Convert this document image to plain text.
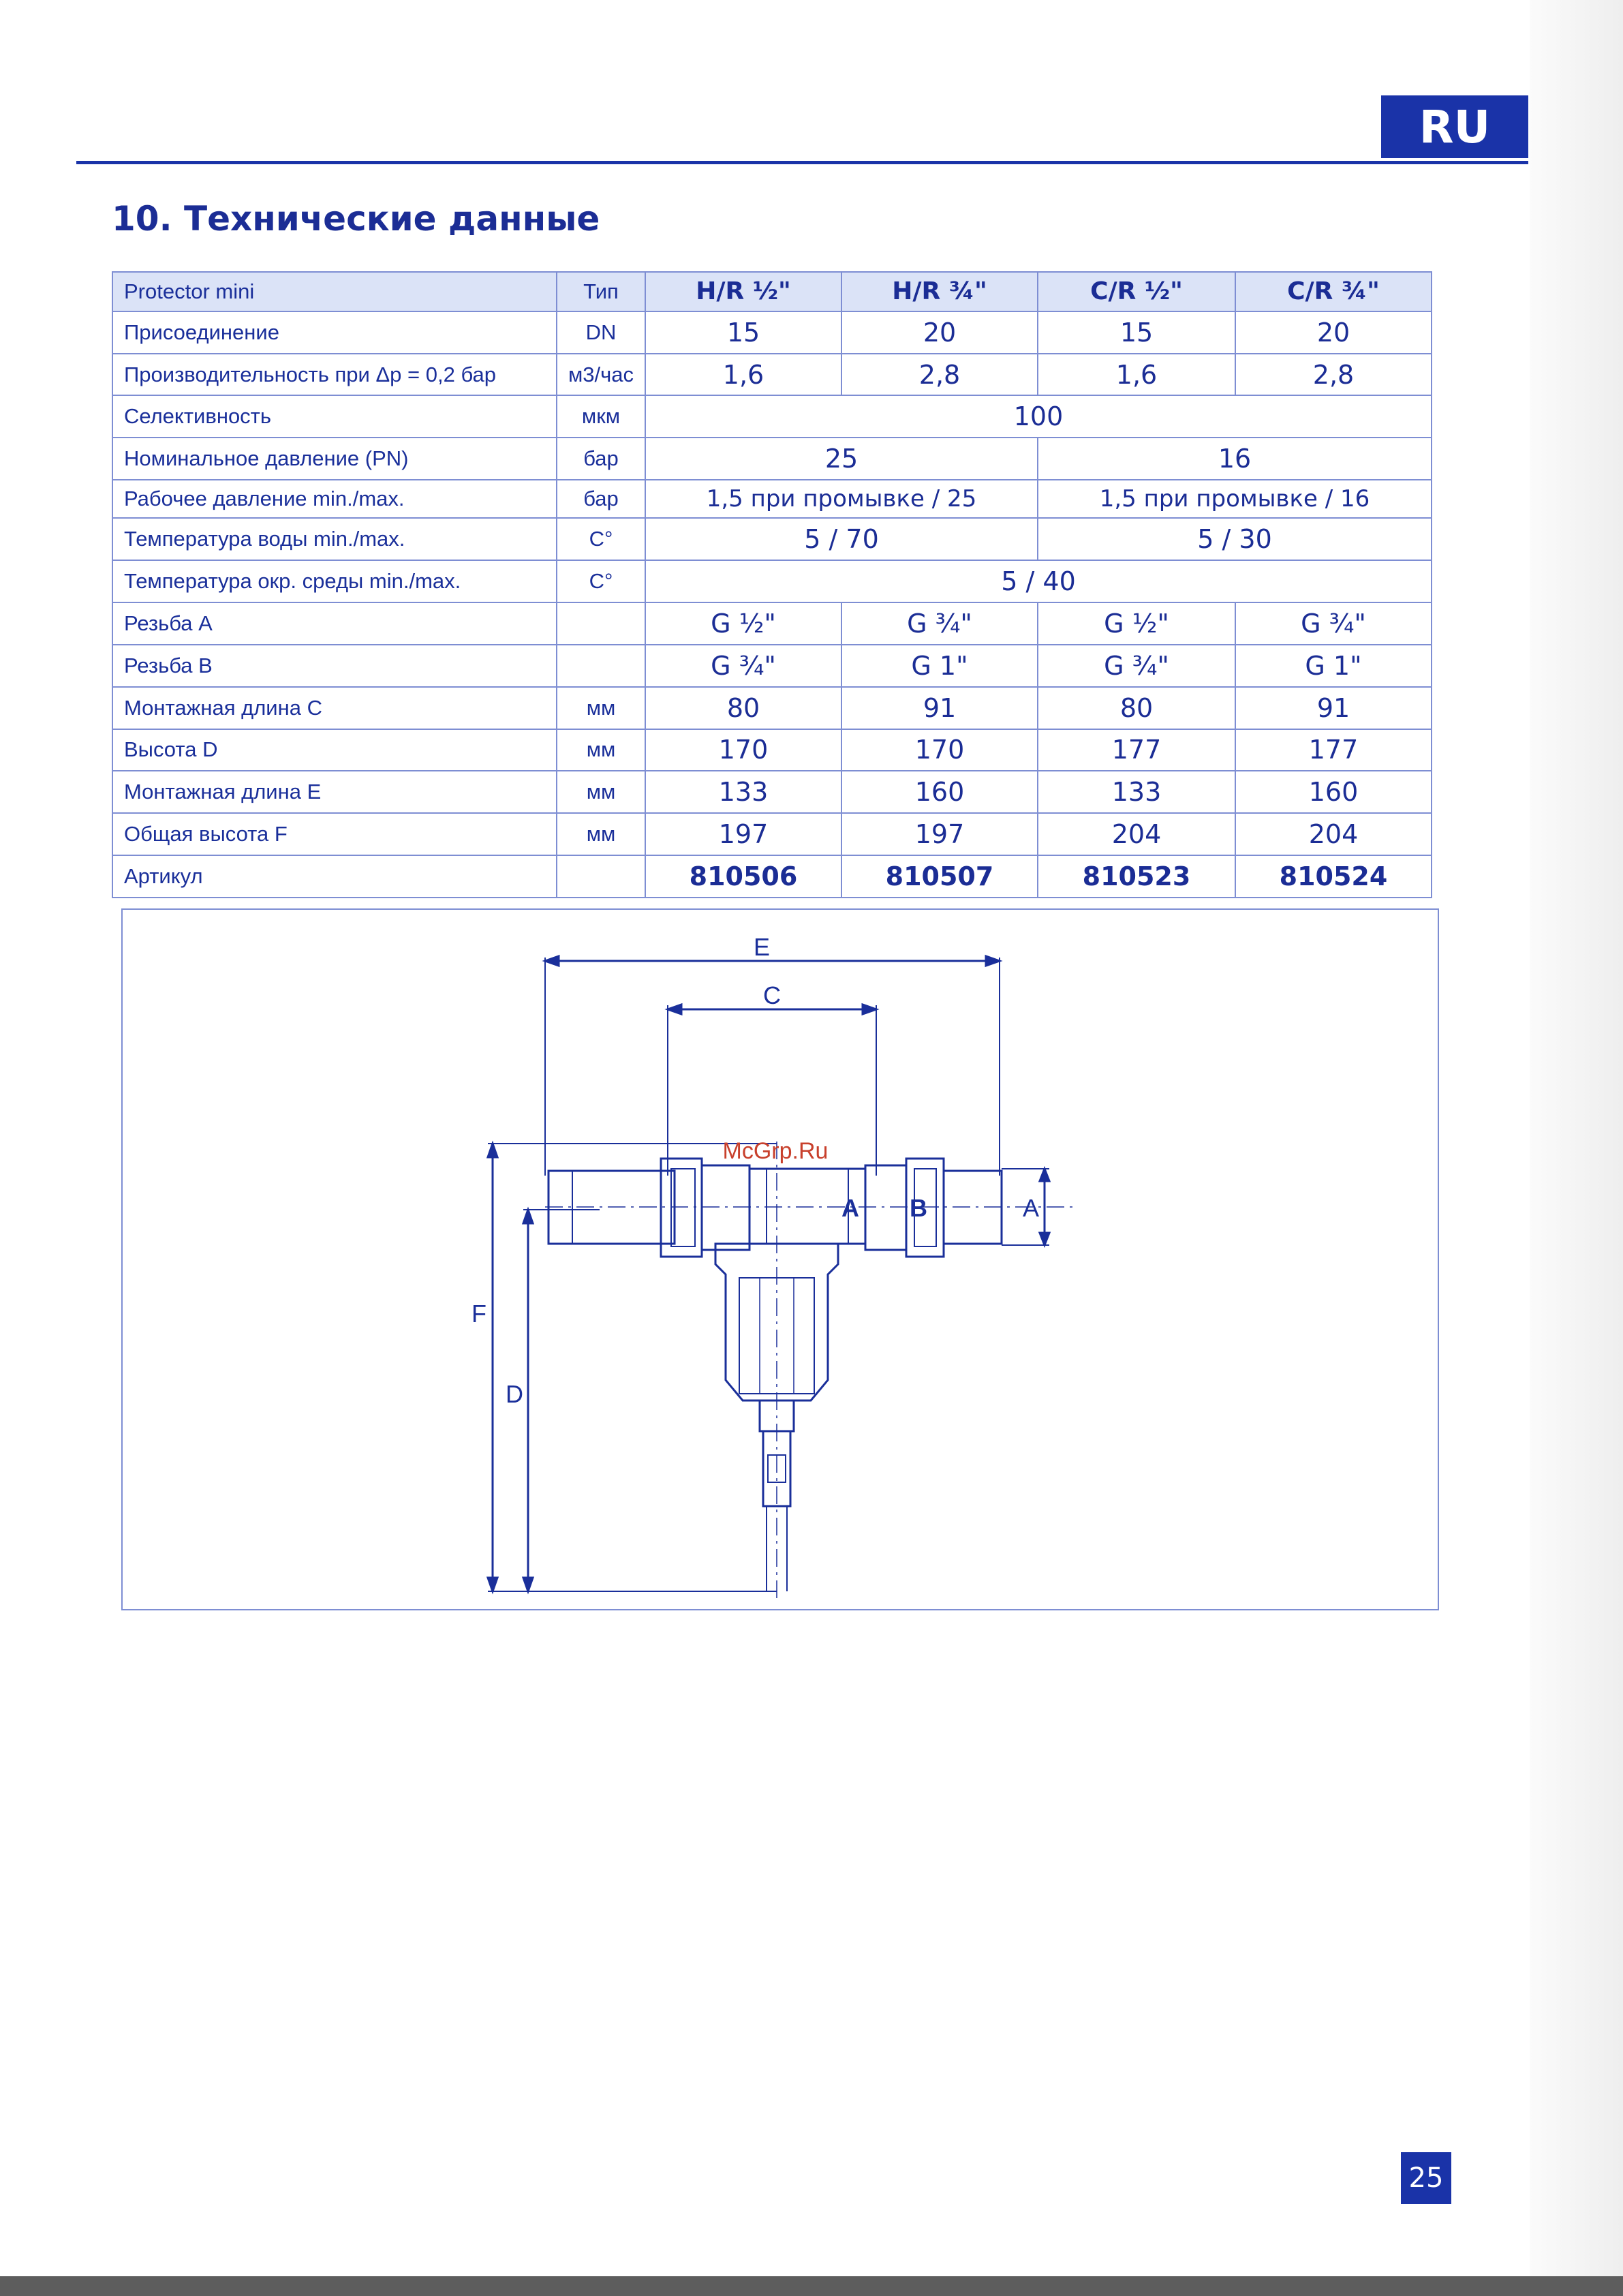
RU
10. Технические данные
Protector mini	Тип	H/R ½"	H/R ¾"	C/R ½"	C/R ¾"
Присоединение	DN	15	20	15	20
Производительность при Δp = 0,2 бар	м3/час	1,6	2,8	1,6	2,8
Селективность	мкм	100			
Номинальное давление (PN)	бар	25		16	
Рабочее давление min./max.	бар	1,5 при промывке / 25		1,5 при промывке / 16	
Температура воды min./max.	C°	5 / 70		5 / 30	
Температура окр. среды min./max.	C°	5 / 40			
Резьба A		G ½"	G ¾"	G ½"	G ¾"
Резьба B		G ¾"	G 1"	G ¾"	G 1"
Монтажная длина C	мм	80	91	80	91
Высота D	мм	170	170	177	177
Монтажная длина E	мм	133	160	133	160
Общая высота F	мм	197	197	204	204
Артикул		810506	810507	810523	810524
E
C
A B	A
F
D
McGrp.Ru
25
